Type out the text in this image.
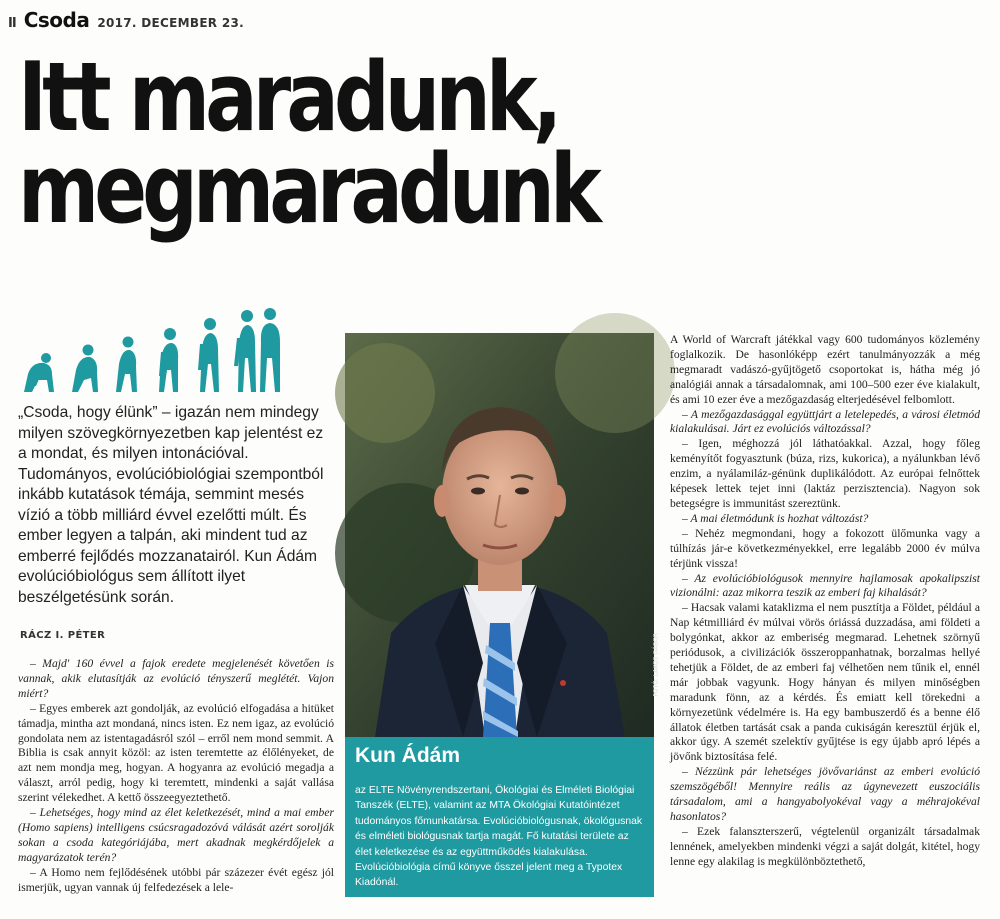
II Csoda 2017. DECEMBER 23.
Itt maradunk,
megmaradunk
„Csoda, hogy élünk” – igazán nem mindegy milyen szövegkörnyezetben kap jelentést ez a mondat, és milyen intonációval. Tudományos, evolúcióbiológiai szempontból inkább kutatások témája, semmint mesés vízió a több milliárd évvel ezelőtti múlt. És ember legyen a talpán, aki mindent tud az emberré fejlődés mozzanatairól. Kun Ádám evolúcióbiológus sem állított ilyet beszélgetésünk során.
RÁCZ I. PÉTER

– Majd' 160 évvel a fajok eredete megjelenését követően is vannak, akik elutasítják az evolúció tényszerű meglétét. Vajon miért?

– Egyes emberek azt gondolják, az evolúció elfogadása a hitüket támadja, mintha azt mondaná, nincs isten. Ez nem igaz, az evolúció gondolata nem az istentagadásról szól – erről nem mond semmit. A Biblia is csak annyit közöl: az isten teremtette az élőlényeket, de azt nem mondja meg, hogyan. A hogyanra az evolúció megadja a választ, arról pedig, hogy ki teremtett, mindenki a saját vallása szerint vélekedhet. A kettő összeegyeztethető.

– Lehetséges, hogy mind az élet keletkezését, mind a mai ember (Homo sapiens) intelligens csúcsragadozóvá válását azért sorolják sokan a csoda kategóriájába, mert akadnak megkérdőjelek a magyarázatok terén?

– A Homo nem fejlődésének utóbbi pár százezer évét egész jól ismerjük, ugyan vannak új felfedezések a lele-

FOTÓ: LAKOS GÁBOR
Kun Ádám
az ELTE Növényrendszertani, Ökológiai és Elméleti Biológiai Tanszék (ELTE), valamint az MTA Ökológiai Kutatóintézet tudományos főmunkatársa. Evolúcióbiológusnak, ökológusnak és elméleti biológusnak tartja magát. Fő kutatási területe az élet keletkezése és az együttműködés kialakulása. Evolúcióbiológia című könyve ősszel jelent meg a Typotex Kiadónál.

A World of Warcraft játékkal vagy 600 tudományos közlemény foglalkozik. De hasonlóképp ezért tanulmányozzák a még megmaradt vadászó-gyűjtögető csoportokat is, hátha még jó analógiái annak a társadalomnak, ami 100–500 ezer éve kialakult, és ami 10 ezer éve a mezőgazdaság elterjedésével felbomlott.

– A mezőgazdasággal együttjárt a letelepedés, a városi életmód kialakulásai. Járt ez evolúciós változással?

– Igen, méghozzá jól láthatóakkal. Azzal, hogy főleg keményítőt fogyasztunk (búza, rizs, kukorica), a nyálunkban lévő enzim, a nyálamiláz-génünk duplikálódott. Az európai felnőttek képesek lettek tejet inni (laktáz perzisztencia). Nagyon sok betegségre is immunitást szereztünk.

– A mai életmódunk is hozhat változást?

– Nehéz megmondani, hogy a fokozott ülőmunka vagy a túlhízás jár-e következményekkel, erre legalább 2000 év múlva térjünk vissza!

– Az evolúcióbiológusok mennyire hajlamosak apokalipszist vizionálni: azaz mikorra teszik az emberi faj kihalását?

– Hacsak valami kataklizma el nem pusztítja a Földet, például a Nap kétmilliárd év múlvai vörös óriássá duzzadása, ami földeti a bolygónkat, akkor az emberiség megmarad. Lehetnek szörnyű periódusok, a civilizációk összeroppanhatnak, borzalmas hellyé tehetjük a Földet, de az emberi faj vélhetően nem tűnik el, ennél már jobbak vagyunk. Hogy hányan és milyen minőségben maradunk fönn, az a kérdés. És emiatt kell törekedni a környezetünk védelmére is. Ha egy bambuszerdő és a benne élő állatok életben tartását csak a panda cukiságán keresztül érjük el, akkor úgy. A szemét szelektív gyűjtése is egy újabb apró lépés a jövőnk biztosítása felé.

– Nézzünk pár lehetséges jövővariánst az emberi evolúció szemszögéből! Mennyire reális az úgynevezett euszociális társadalom, ami a hangyabolyokéval vagy a méhrajokéval hasonlatos?

– Ezek falanszterszerű, végtelenül organizált társadalmak lennének, amelyekben mindenki végzi a saját dolgát, kitétel, hogy lenne egy alakilag is megkülönböztethető,
